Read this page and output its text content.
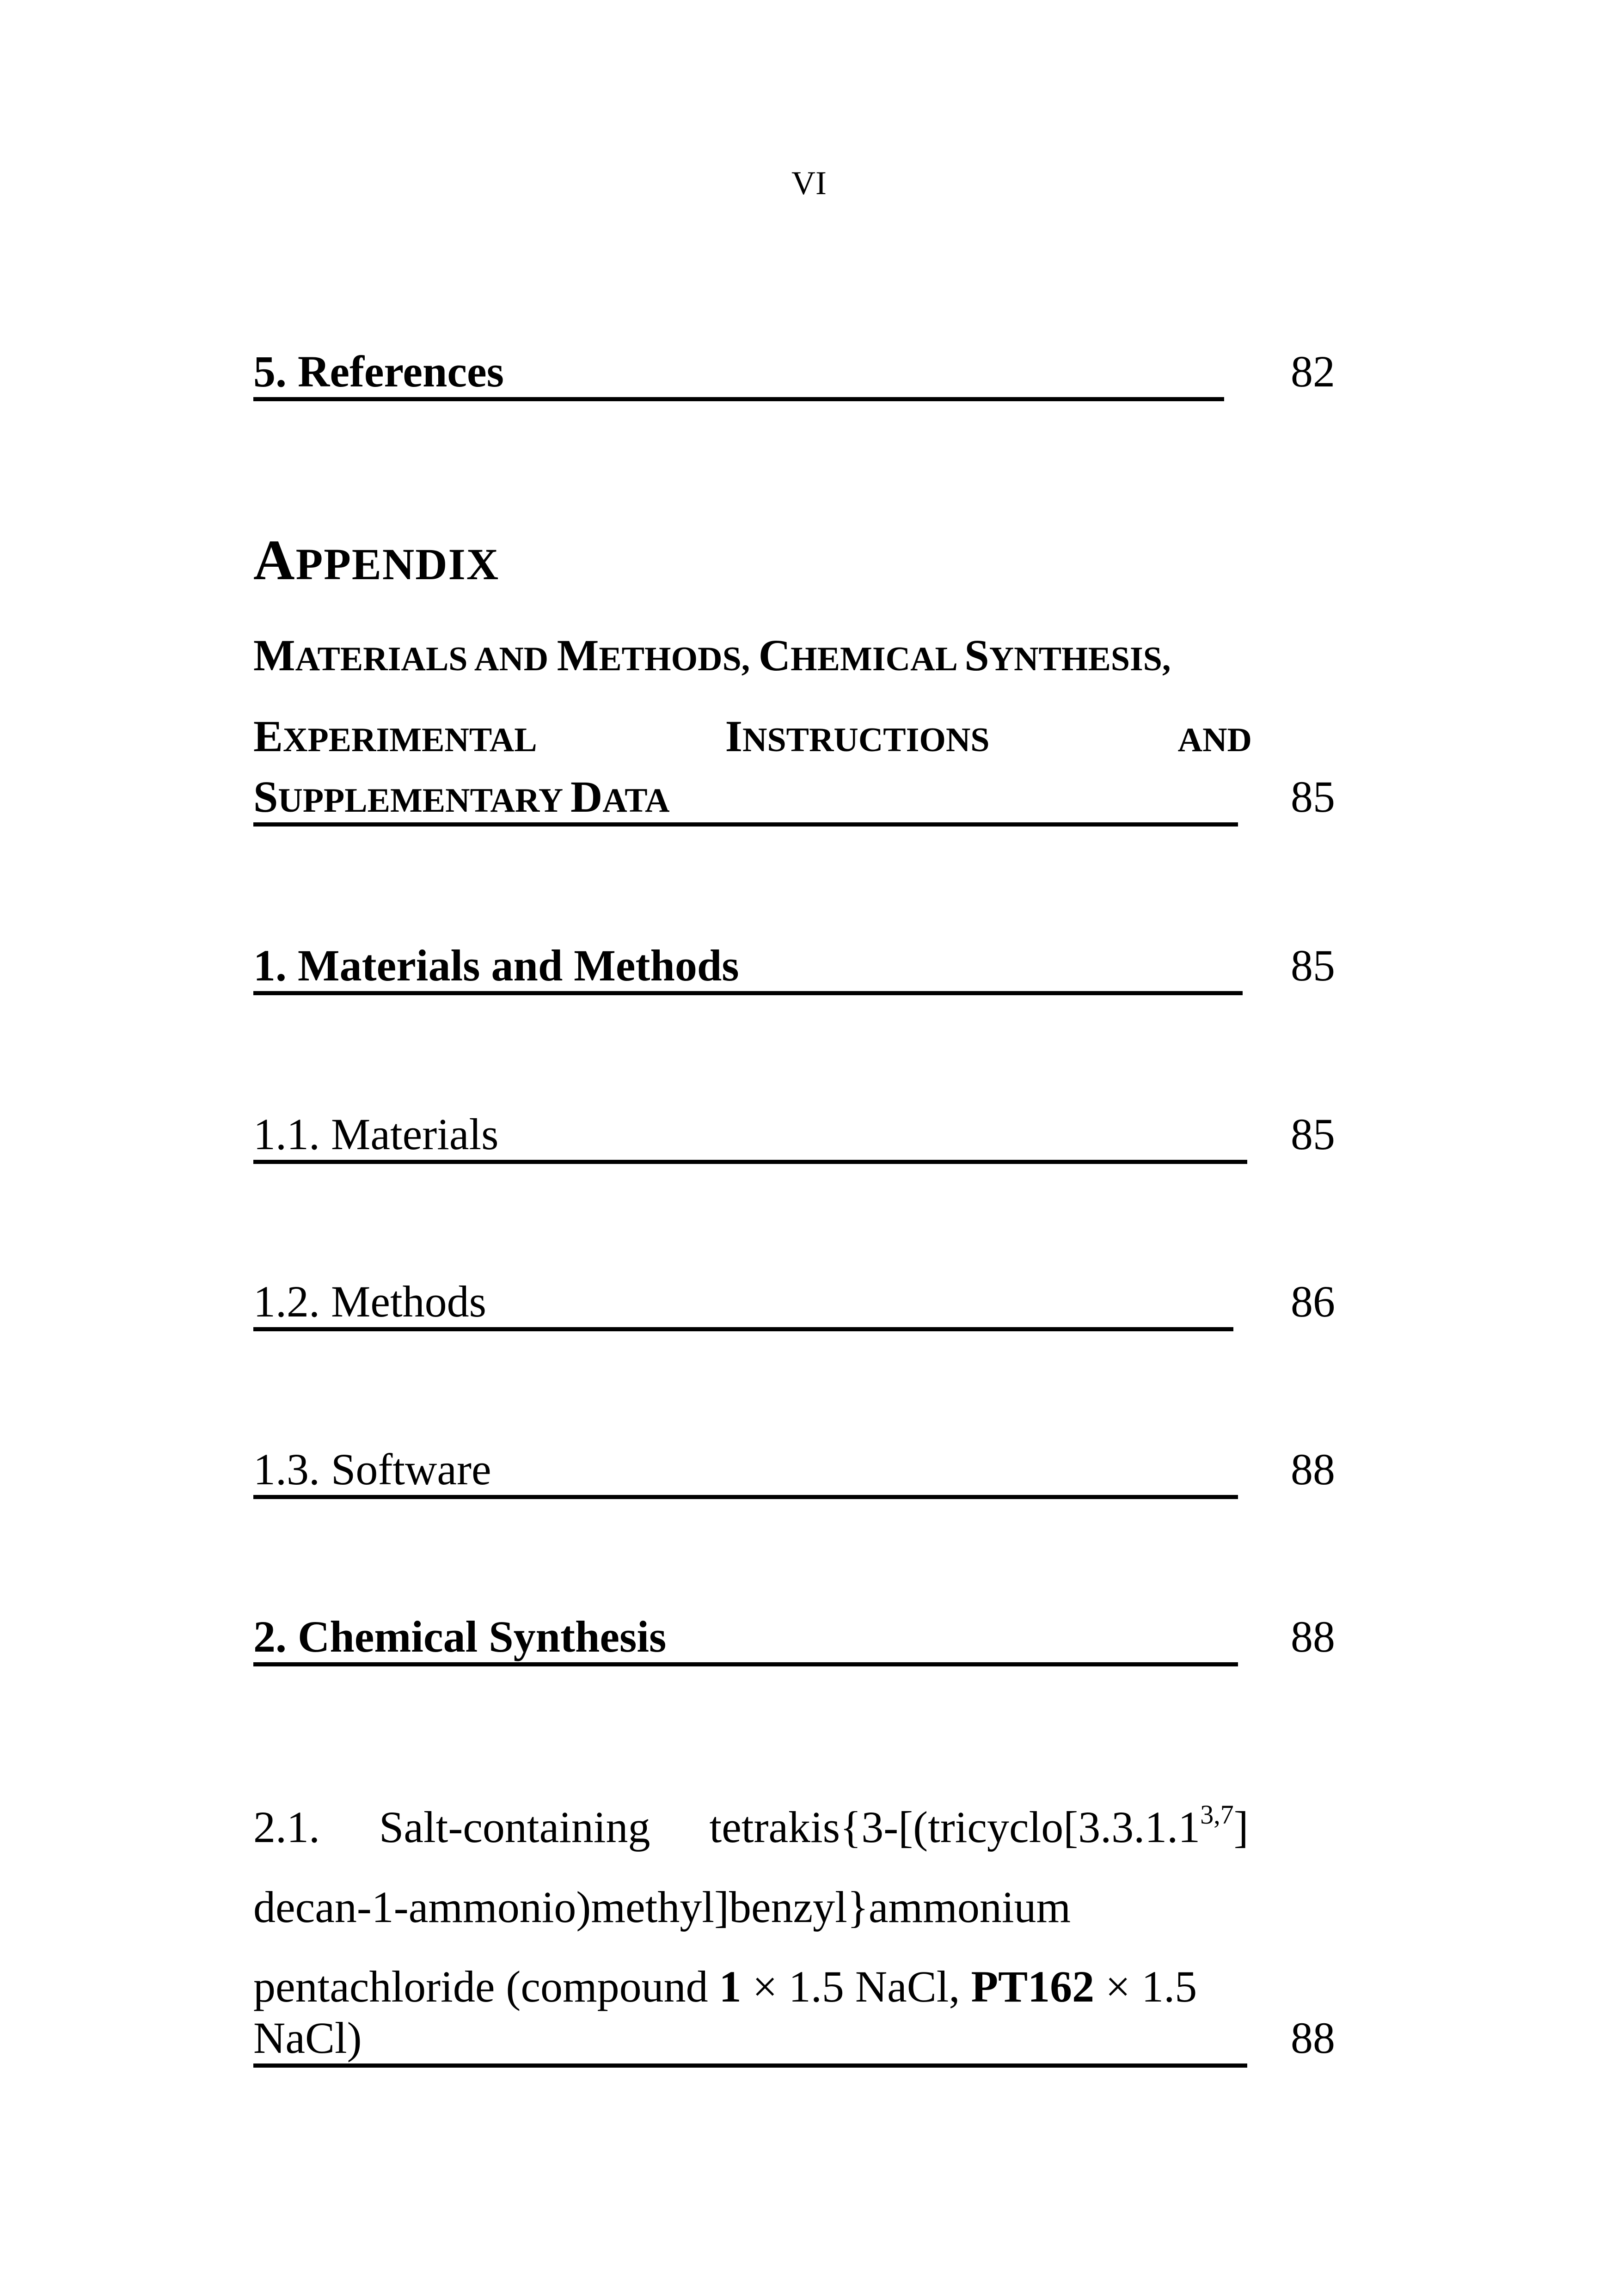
VI
5. References	82
APPENDIX
MATERIALS AND METHODS, CHEMICAL SYNTHESIS,
EXPERIMENTAL	INSTRUCTIONS	AND
SUPPLEMENTARY DATA	85
1. Materials and Methods	85
1.1. Materials	85
1.2. Methods	86
1.3. Software	88
2. Chemical Synthesis	88
2.1. Salt-containing tetrakis{3-[(tricyclo[3.3.1.1$^{3,7}$]
decan-1-ammonio)methyl]benzyl}ammonium
pentachloride (compound 1 × 1.5 NaCl, PT162 × 1.5
NaCl)	88
